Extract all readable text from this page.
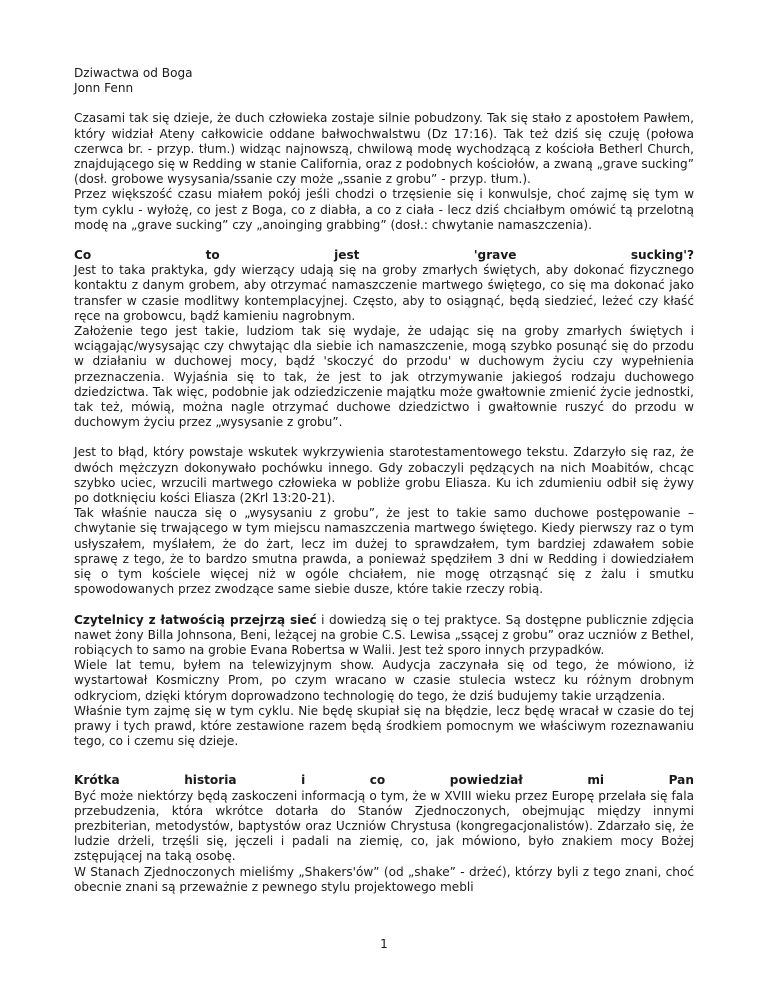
Dziwactwa od Boga
Jonn Fenn

Czasami tak się dzieje, że duch człowieka zostaje silnie pobudzony. Tak się stało z apostołem Pawłem, który widział Ateny całkowicie oddane bałwochwalstwu (Dz 17:16). Tak też dziś się czuję (połowa czerwca br. - przyp. tłum.) widząc najnowszą, chwilową modę wychodzącą z kościoła Betherl Church, znajdującego się w Redding w stanie California, oraz z podobnych kościołów, a zwaną „grave sucking” (dosł. grobowe wysysania/ssanie czy może „ssanie z grobu” - przyp. tłum.).

Przez większość czasu miałem pokój jeśli chodzi o trzęsienie się i konwulsje, choć zajmę się tym w tym cyklu - wyłożę, co jest z Boga, co z diabła, a co z ciała - lecz dziś chciałbym omówić tą przelotną modę na „grave sucking” czy „anoinging grabbing” (dosł.: chwytanie namaszczenia).

Co	to	jest	'grave	sucking'?

Jest to taka praktyka, gdy wierzący udają się na groby zmarłych świętych, aby dokonać fizycznego kontaktu z danym grobem, aby otrzymać namaszczenie martwego świętego, co się ma dokonać jako transfer w czasie modlitwy kontemplacyjnej. Często, aby to osiągnąć, będą siedzieć, leżeć czy kłaść ręce na grobowcu, bądź kamieniu nagrobnym.

Założenie tego jest takie, ludziom tak się wydaje, że udając się na groby zmarłych świętych i wciągając/wysysając czy chwytając dla siebie ich namaszczenie, mogą szybko posunąć się do przodu w działaniu w duchowej mocy, bądź 'skoczyć do przodu' w duchowym życiu czy wypełnienia przeznaczenia. Wyjaśnia się to tak, że jest to jak otrzymywanie jakiegoś rodzaju duchowego dziedzictwa. Tak więc, podobnie jak odziedziczenie majątku może gwałtownie zmienić życie jednostki, tak też, mówią, można nagle otrzymać duchowe dziedzictwo i gwałtownie ruszyć do przodu w duchowym życiu przez „wysysanie z grobu”.

Jest to błąd, który powstaje wskutek wykrzywienia starotestamentowego tekstu. Zdarzyło się raz, że dwóch mężczyzn dokonywało pochówku innego. Gdy zobaczyli pędzących na nich Moabitów, chcąc szybko uciec, wrzucili martwego człowieka w pobliże grobu Eliasza. Ku ich zdumieniu odbił się żywy po dotknięciu kości Eliasza (2Krl 13:20-21).

Tak właśnie naucza się o „wysysaniu z grobu”, że jest to takie samo duchowe postępowanie – chwytanie się trwającego w tym miejscu namaszczenia martwego świętego. Kiedy pierwszy raz o tym usłyszałem, myślałem, że do żart, lecz im dużej to sprawdzałem, tym bardziej zdawałem sobie sprawę z tego, że to bardzo smutna prawda, a ponieważ spędziłem 3 dni w Redding i dowiedziałem się o tym kościele więcej niż w ogóle chciałem, nie mogę otrząsnąć się z żalu i smutku spowodowanych przez zwodzące same siebie dusze, które takie rzeczy robią.

Czytelnicy z łatwością przejrzą sieć i dowiedzą się o tej praktyce. Są dostępne publicznie zdjęcia nawet żony Billa Johnsona, Beni, leżącej na grobie C.S. Lewisa „ssącej z grobu” oraz uczniów z Bethel, robiących to samo na grobie Evana Robertsa w Walii. Jest też sporo innych przypadków.

Wiele lat temu, byłem na telewizyjnym show. Audycja zaczynała się od tego, że mówiono, iż wystartował Kosmiczny Prom, po czym wracano w czasie stulecia wstecz ku różnym drobnym odkryciom, dzięki którym doprowadzono technologię do tego, że dziś budujemy takie urządzenia.

Właśnie tym zajmę się w tym cyklu. Nie będę skupiał się na błędzie, lecz będę wracał w czasie do tej prawy i tych prawd, które zestawione razem będą środkiem pomocnym we właściwym rozeznawaniu tego, co i czemu się dzieje.

Krótka	historia	i	co	powiedział	mi	Pan

Być może niektórzy będą zaskoczeni informacją o tym, że w XVIII wieku przez Europę przelała się fala przebudzenia, która wkrótce dotarła do Stanów Zjednoczonych, obejmując między innymi prezbiterian, metodystów, baptystów oraz Uczniów Chrystusa (kongregacjonalistów). Zdarzało się, że ludzie drżeli, trzęśli się, jęczeli i padali na ziemię, co, jak mówiono, było znakiem mocy Bożej zstępującej na taką osobę.

W Stanach Zjednoczonych mieliśmy „Shakers'ów” (od „shake” - drżeć), którzy byli z tego znani, choć obecnie znani są przeważnie z pewnego stylu projektowego mebli

1
